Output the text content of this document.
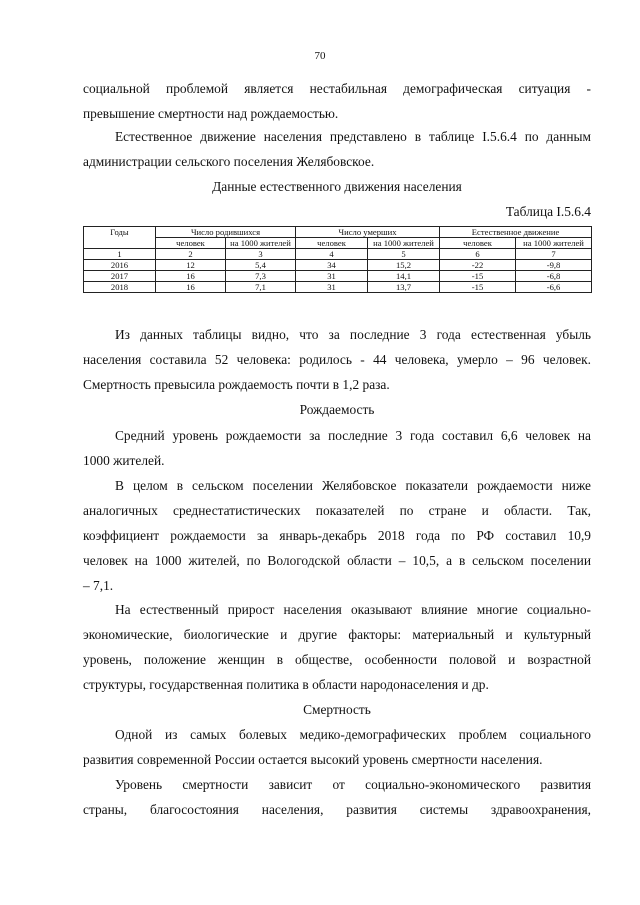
70
социальной проблемой является нестабильная демографическая ситуация -
превышение смертности над рождаемостью.
Естественное движение населения представлено в таблице I.5.6.4 по данным
администрации сельского поселения Желябовское.
Данные естественного движения населения
Таблица I.5.6.4
Годы	Число родившихся		Число умерших		Естественное движение	
	человек	на 1000 жителей	человек	на 1000 жителей	человек	на 1000 жителей
1	2	3	4	5	6	7
2016	12	5,4	34	15,2	-22	-9,8
2017	16	7,3	31	14,1	-15	-6,8
2018	16	7,1	31	13,7	-15	-6,6
Из данных таблицы видно, что за последние 3 года естественная убыль
населения составила 52 человека: родилось - 44 человека, умерло – 96 человек.
Смертность превысила рождаемость почти в 1,2 раза.
Рождаемость
Средний уровень рождаемости за последние 3 года составил 6,6 человек на
1000 жителей.
В целом в сельском поселении Желябовское показатели рождаемости ниже
аналогичных среднестатистических показателей по стране и области. Так,
коэффициент рождаемости за январь-декабрь 2018 года по РФ составил 10,9
человек на 1000 жителей, по Вологодской области – 10,5, а в сельском поселении
– 7,1.
На естественный прирост населения оказывают влияние многие социально-
экономические, биологические и другие факторы: материальный и культурный
уровень, положение женщин в обществе, особенности половой и возрастной
структуры, государственная политика в области народонаселения и др.
Смертность
Одной из самых болевых медико-демографических проблем социального
развития современной России остается высокий уровень смертности населения.
Уровень смертности зависит от социально-экономического развития
страны, благосостояния населения, развития системы здравоохранения,
